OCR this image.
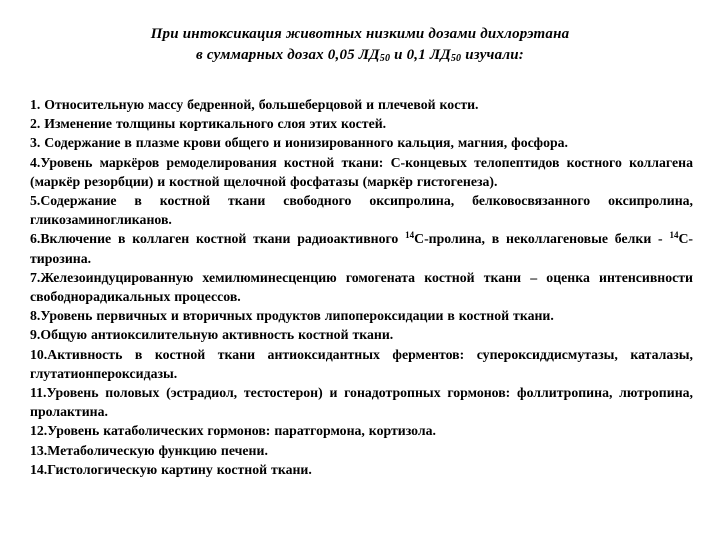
При интоксикация животных низкими дозами дихлорэтана
в суммарных дозах 0,05 $ЛД_{50}$ и 0,1 $ЛД_{50}$ изучали:
1. Относительную массу бедренной, большеберцовой и плечевой кости.
2. Изменение толщины кортикального слоя этих костей.
3. Содержание в плазме крови общего и ионизированного кальция, магния, фосфора.
4.Уровень маркёров ремоделирования костной ткани: С-концевых телопептидов костного коллагена (маркёр резорбции) и костной щелочной фосфатазы (маркёр гистогенеза).
5.Содержание в костной ткани свободного оксипролина, белковосвязанного оксипролина, гликозаминогликанов.
6.Включение в коллаген костной ткани радиоактивного $^{14}$С-пролина, в неколлагеновые белки - $^{14}$С-тирозина.
7.Железоиндуцированную хемилюминесценцию гомогената костной ткани – оценка интенсивности свободнорадикальных процессов.
8.Уровень первичных и вторичных продуктов липопероксидации в костной ткани.
9.Общую антиоксилительную активность костной ткани.
10.Активность в костной ткани антиоксидантных ферментов: супероксиддисмутазы, каталазы, глутатионпероксидазы.
11.Уровень половых (эстрадиол, тестостерон) и гонадотропных гормонов: фоллитропина, лютропина, пролактина.
12.Уровень катаболических гормонов: паратгормона, кортизола.
13.Метаболическую функцию печени.
14.Гистологическую картину костной ткани.
